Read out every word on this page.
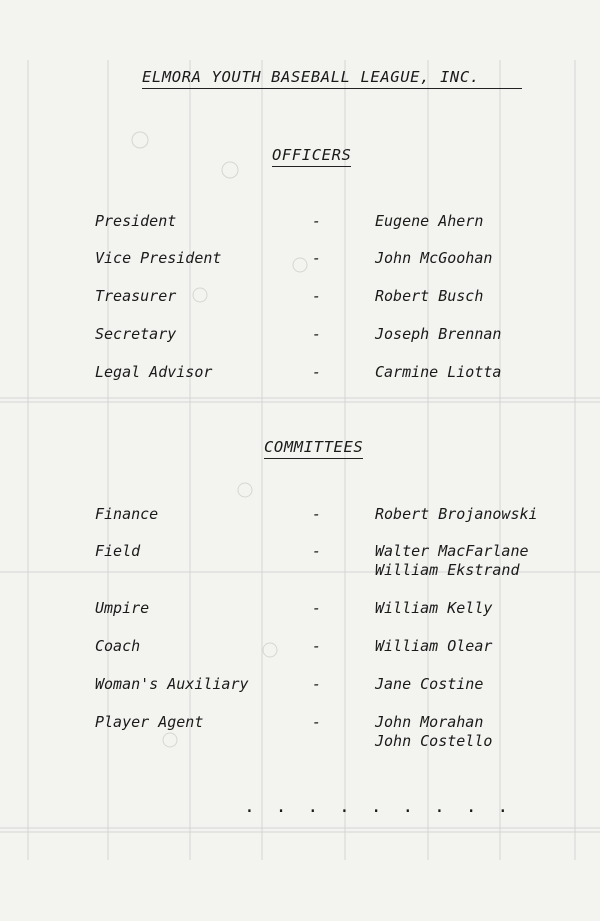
ELMORA YOUTH BASEBALL LEAGUE, INC.
OFFICERS
President	-	Eugene Ahern
Vice President	-	John McGoohan
Treasurer	-	Robert Busch
Secretary	-	Joseph Brennan
Legal Advisor	-	Carmine Liotta
COMMITTEES
Finance	-	Robert Brojanowski
Field	-	Walter MacFarlane
William Ekstrand
Umpire	-	William Kelly
Coach	-	William Olear
Woman's Auxiliary	-	Jane Costine
Player Agent	-	John Morahan
John Costello
. . . . . . . . .
